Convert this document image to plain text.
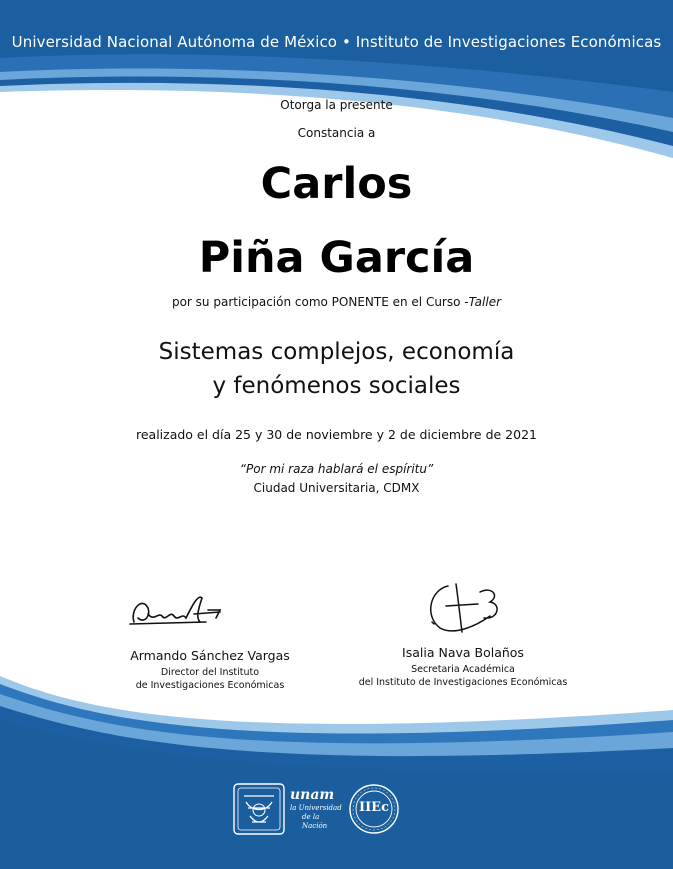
Universidad Nacional Autónoma de México • Instituto de Investigaciones Económicas
Otorga la presente
Constancia a
Carlos
Piña García
por su participación como PONENTE en el Curso -Taller
Sistemas complejos, economía
y fenómenos sociales
realizado el día 25 y 30 de noviembre y 2 de diciembre de 2021
“Por mi raza hablará el espíritu”
Ciudad Universitaria, CDMX
Armando Sánchez Vargas
Director del Instituto
de Investigaciones Económicas
Isalia Nava Bolaños
Secretaria Académica
del Instituto de Investigaciones Económicas
unam
la Universidad
de la Nación
IIEc
